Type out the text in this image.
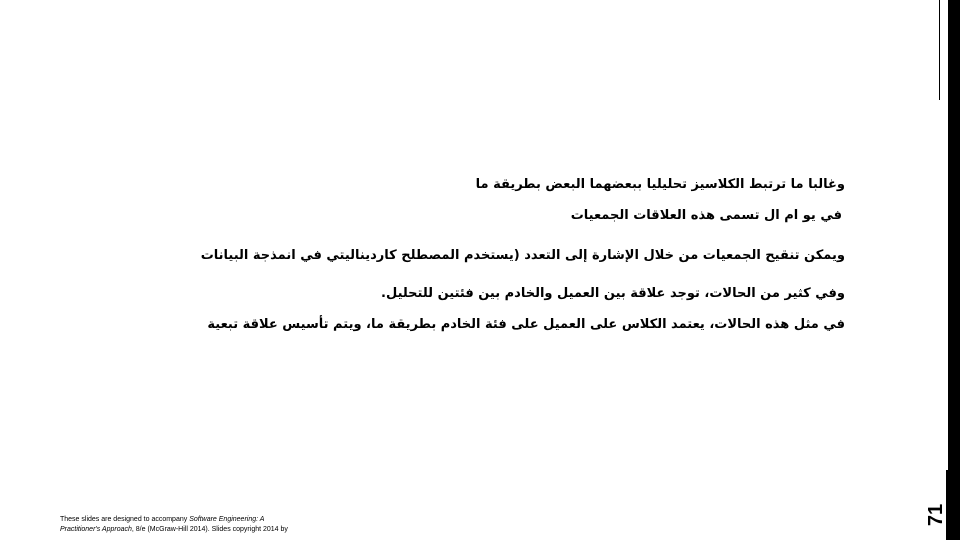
وغالبا ما ترتبط الكلاسيز تحليليا ببعضهما البعض بطريقة ما
في يو ام ال تسمى هذه العلاقات الجمعيات
ويمكن تنقيح الجمعيات من خلال الإشارة إلى التعدد (يستخدم المصطلح كارديناليتي في انمذجة البيانات
وفي كثير من الحالات، توجد علاقة بين العميل والخادم بين فئتين للتحليل.
في مثل هذه الحالات، يعتمد الكلاس على العميل على فئة الخادم بطريقة ما، ويتم تأسيس علاقة تبعية
71
These slides are designed to accompany Software Engineering: A
Practitioner's Approach, 8/e (McGraw-Hill 2014). Slides copyright 2014 by
